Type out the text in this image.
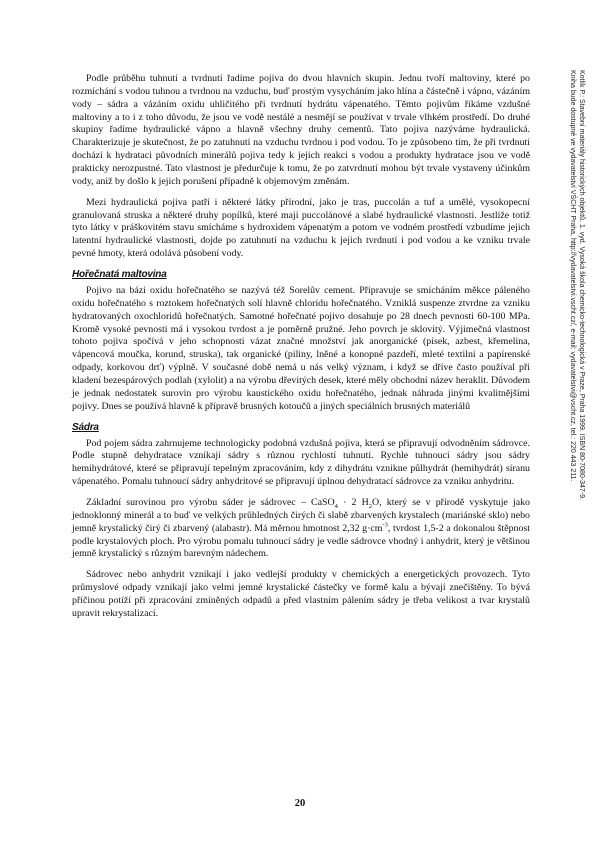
Kotlík P.: Stavební materiály historických objektů. 1. vyd. Vysoká škola chemicko-technologická v Praze, Praha 1999. ISBN 80-7080-347-9.
Kniha bude dostupné ve vydavatelství VŠCHT Praha, http://vydavatelstvi.vscht.cz/, e-mail: vydavatelstvi@vscht.cz, tel.: 220 443 211.

Podle průběhu tuhnutí a tvrdnutí řadíme pojiva do dvou hlavních skupin. Jednu tvoří maltoviny, které po rozmíchání s vodou tuhnou a tvrdnou na vzduchu, buď prostým vysycháním jako hlína a částečně i vápno, vázáním vody – sádra a vázáním oxidu uhličitého při tvrdnutí hydrátu vápenatého. Těmto pojivům říkáme vzdušné maltoviny a to i z toho důvodu, že jsou ve vodě nestálé a nesmějí se používat v trvale vlhkém prostředí. Do druhé skupiny řadíme hydraulické vápno a hlavně všechny druhy cementů. Tato pojiva nazýváme hydraulická. Charakterizuje je skutečnost, že po zatuhnutí na vzduchu tvrdnou i pod vodou. To je způsobeno tím, že při tvrdnutí dochází k hydrataci původních minerálů pojiva tedy k jejich reakci s vodou a produkty hydratace jsou ve vodě prakticky nerozpustné. Tato vlastnost je předurčuje k tomu, že po zatvrdnutí mohou být trvale vystaveny účinkům vody, aniž by došlo k jejich porušení případně k objemovým změnám.

Mezi hydraulická pojiva patří i některé látky přírodní, jako je tras, puccolán a tuf a umělé, vysokopecní granulovaná struska a některé druhy popílků, které mají puccolánové a slabé hydraulické vlastnosti. Jestliže totiž tyto látky v práškovitém stavu smícháme s hydroxidem vápenatým a potom ve vodném prostředí vzbudíme jejich latentní hydraulické vlastnosti, dojde po zatuhnutí na vzduchu k jejich tvrdnutí i pod vodou a ke vzniku trvale pevné hmoty, která odolává působení vody.

Hořečnatá maltovina

Pojivo na bázi oxidu hořečnatého se nazývá též Sorelův cement. Připravuje se smícháním měkce páleného oxidu hořečnatého s roztokem hořečnatých solí hlavně chloridu hořečnatého. Vzniklá suspenze ztvrdne za vzniku hydratovaných oxochloridů hořečnatých. Samotné hořečnaté pojivo dosahuje po 28 dnech pevnosti 60-100 MPa. Kromě vysoké pevnosti má i vysokou tvrdost a je poměrně pružné. Jeho povrch je sklovitý. Výjimečná vlastnost tohoto pojiva spočívá v jeho schopnosti vázat značné množství jak anorganické (písek, azbest, křemelina, vápencová moučka, korund, struska), tak organické (piliny, lněné a konopné pazdeří, mleté textilní a papírenské odpady, korkovou drť) výplně. V současné době nemá u nás velký význam, i když se dříve často používal při kladení bezespárových podlah (xylolit) a na výrobu dřevitých desek, které měly obchodní název heraklit. Důvodem je jednak nedostatek surovin pro výrobu kaustického oxidu hořečnatého, jednak náhrada jinými kvalitnějšími pojivy. Dnes se používá hlavně k přípravě brusných kotoučů a jiných speciálních brusných materiálů

Sádra

Pod pojem sádra zahrnujeme technologicky podobná vzdušná pojiva, která se připravují odvodněním sádrovce. Podle stupně dehydratace vznikají sádry s různou rychlostí tuhnutí. Rychle tuhnoucí sádry jsou sádry hemihydrátové, které se připravují tepelným zpracováním, kdy z dihydrátu vznikne půlhydrát (hemihydrát) síranu vápenatého. Pomalu tuhnoucí sádry anhydritové se připravují úplnou dehydratací sádrovce za vzniku anhydritu.

Základní surovinou pro výrobu sáder je sádrovec – CaSO$_4$ · 2 $H_2O$, který se v přírodě vyskytuje jako jednoklonný minerál a to buď ve velkých průhledných čirých či slabě zbarvených krystalech (mariánské sklo) nebo jemně krystalický čirý či zbarvený (alabastr). Má měrnou hmotnost 2,32 $g\cdot cm^{-3}$, tvrdost 1,5-2 a dokonalou štěpnost podle krystalových ploch. Pro výrobu pomalu tuhnoucí sádry je vedle sádrovce vhodný i anhydrit, který je většinou jemně krystalický s různým barevným nádechem.

Sádrovec nebo anhydrit vznikají i jako vedlejší produkty v chemických a energetických provozech. Tyto průmyslové odpady vznikají jako velmi jemné krystalické částečky ve formě kalu a bývají znečištěny. To bývá příčinou potíží při zpracování zmíněných odpadů a před vlastním pálením sádry je třeba velikost a tvar krystalů upravit rekrystalizací.

20
